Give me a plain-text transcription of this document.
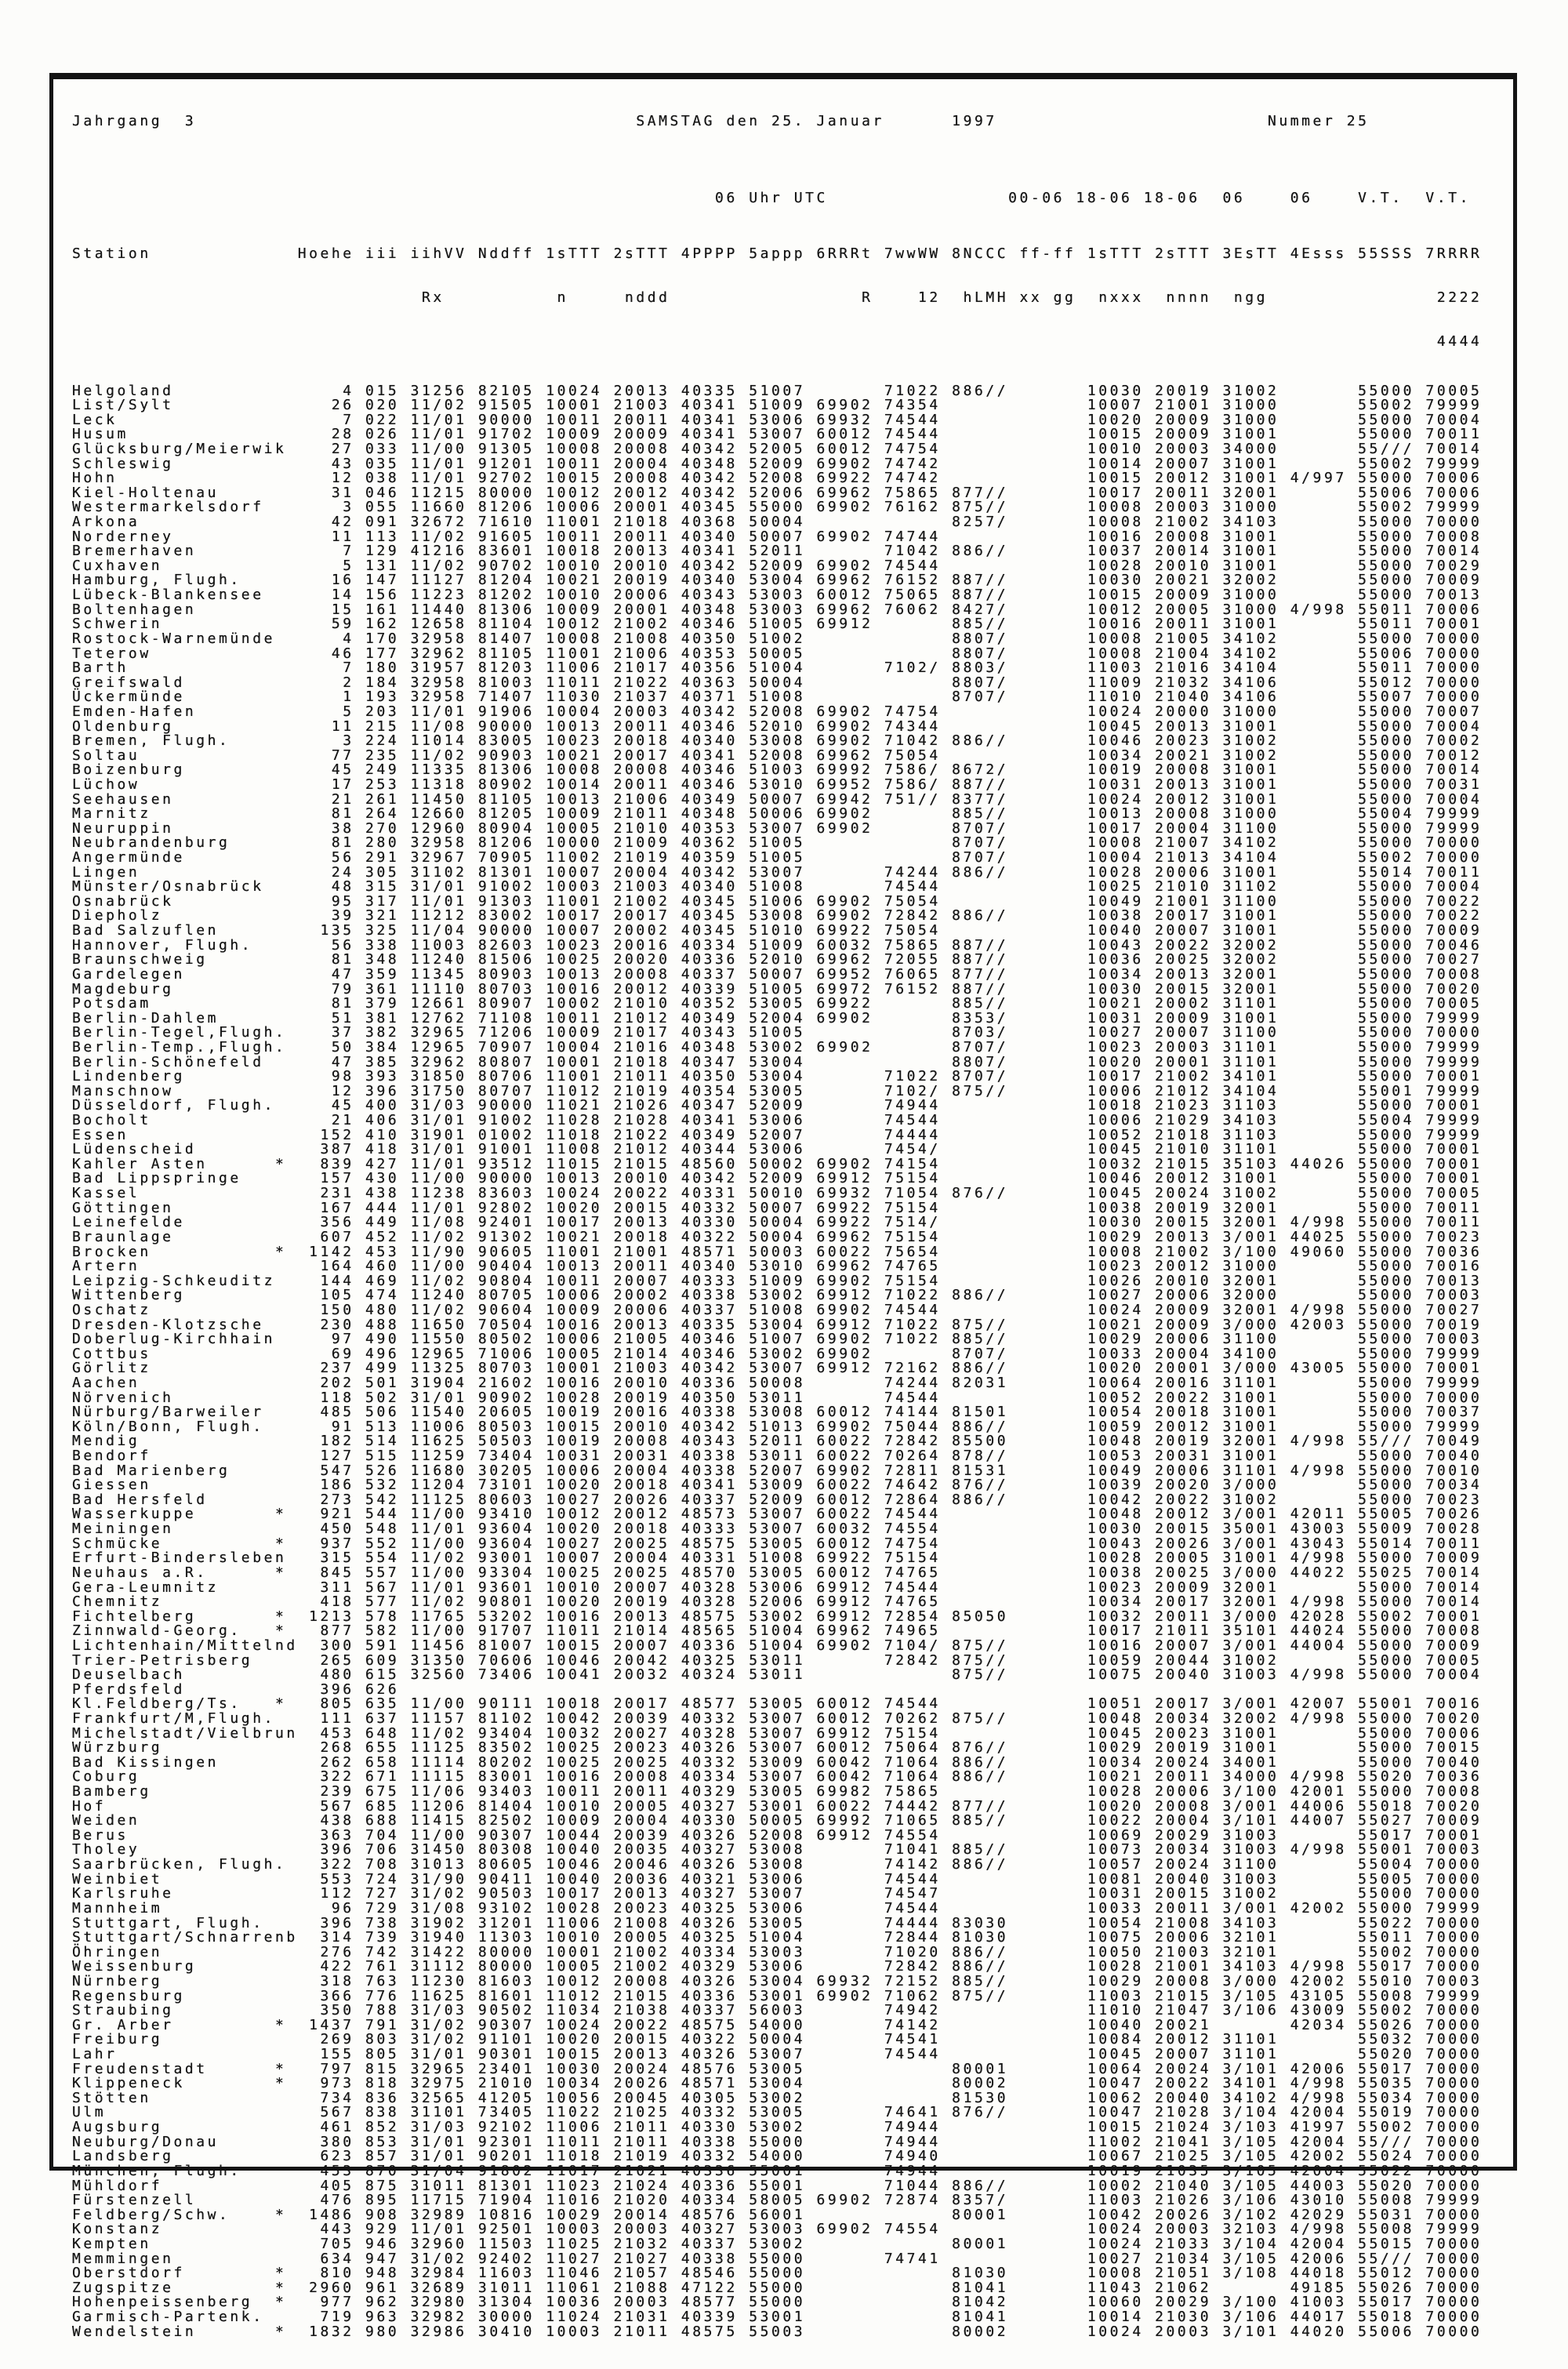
Jahrgang  3                                       SAMSTAG den 25. Januar      1997                        Nummer 25

06 Uhr UTC                00-06 18-06 18-06  06    06    V.T.  V.T.

Station             Hoehe iii iihVV Nddff 1sTTT 2sTTT 4PPPP 5appp 6RRRt 7wwWW 8NCCC ff-ff 1sTTT 2sTTT 3EsTT 4Esss 55SSS 7RRRR

Rx          n     nddd                 R    12  hLMH xx gg  nxxx  nnnn  ngg               2222

4444

Helgoland               4 015 31256 82105 10024 20013 40335 51007       71022 886//       10030 20019 31002       55000 70005
List/Sylt              26 020 11/02 91505 10001 21003 40341 51009 69902 74354             10007 21001 31000       55002 79999
Leck                    7 022 11/01 90000 10011 20011 40341 53006 69932 74544             10020 20009 31000       55000 70004
Husum                  28 026 11/01 91702 10009 20009 40341 53007 60012 74544             10015 20009 31001       55000 70011
Glücksburg/Meierwik    27 033 11/00 91305 10008 20008 40342 52005 60012 74754             10010 20003 34000       55/// 70014
Schleswig              43 035 11/01 91201 10011 20004 40348 52009 69902 74742             10014 20007 31001       55002 79999
Hohn                   12 038 11/01 92702 10015 20008 40342 52008 69922 74742             10015 20012 31001 4/997 55000 70006
Kiel-Holtenau          31 046 11215 80000 10012 20012 40342 52006 69962 75865 877//       10017 20011 32001       55006 70006
Westermarkelsdorf       3 055 11660 81206 10006 20001 40345 55000 69902 76162 875//       10008 20003 31000       55002 79999
Arkona                 42 091 32672 71610 11001 21018 40368 50004             8257/       10008 21002 34103       55000 70000
Norderney              11 113 11/02 91605 10011 20011 40340 50007 69902 74744             10016 20008 31001       55000 70008
Bremerhaven             7 129 41216 83601 10018 20013 40341 52011       71042 886//       10037 20014 31001       55000 70014
Cuxhaven                5 131 11/02 90702 10010 20010 40342 52009 69902 74544             10028 20010 31001       55000 70029
Hamburg, Flugh.        16 147 11127 81204 10021 20019 40340 53004 69962 76152 887//       10030 20021 32002       55000 70009
Lübeck-Blankensee      14 156 11223 81202 10010 20006 40343 53003 60012 75065 887//       10015 20009 31000       55000 70013
Boltenhagen            15 161 11440 81306 10009 20001 40348 53003 69962 76062 8427/       10012 20005 31000 4/998 55011 70006
Schwerin               59 162 12658 81104 10012 21002 40346 51005 69912       885//       10016 20011 31001       55011 70001
Rostock-Warnemünde      4 170 32958 81407 10008 21008 40350 51002             8807/       10008 21005 34102       55000 70000
Teterow                46 177 32962 81105 11001 21006 40353 50005             8807/       10008 21004 34102       55006 70000
Barth                   7 180 31957 81203 11006 21017 40356 51004       7102/ 8803/       11003 21016 34104       55011 70000
Greifswald              2 184 32958 81003 11011 21022 40363 50004             8807/       11009 21032 34106       55012 70000
Ückermünde              1 193 32958 71407 11030 21037 40371 51008             8707/       11010 21040 34106       55007 70000
Emden-Hafen             5 203 11/01 91906 10004 20003 40342 52008 69902 74754             10024 20000 31000       55000 70007
Oldenburg              11 215 11/08 90000 10013 20011 40346 52010 69902 74344             10045 20013 31001       55000 70004
Bremen, Flugh.          3 224 11014 83005 10023 20018 40340 53008 69902 71042 886//       10046 20023 31002       55000 70002
Soltau                 77 235 11/02 90903 10021 20017 40341 52008 69962 75054             10034 20021 31002       55000 70012
Boizenburg             45 249 11335 81306 10008 20008 40346 51003 69992 7586/ 8672/       10019 20008 31001       55000 70014
Lüchow                 17 253 11318 80902 10014 20011 40346 53010 69952 7586/ 887//       10031 20013 31001       55000 70031
Seehausen              21 261 11450 81105 10013 21006 40349 50007 69942 751// 8377/       10024 20012 31001       55000 70004
Marnitz                81 264 12660 81205 10009 21011 40348 50006 69902       885//       10013 20008 31000       55004 79999
Neuruppin              38 270 12960 80904 10005 21010 40353 53007 69902       8707/       10017 20004 31100       55000 79999
Neubrandenburg         81 280 32958 81206 10000 21009 40362 51005             8707/       10008 21007 34102       55000 70000
Angermünde             56 291 32967 70905 11002 21019 40359 51005             8707/       10004 21013 34104       55002 70000
Lingen                 24 305 31102 81301 10007 20004 40342 53007       74244 886//       10028 20006 31001       55014 70011
Münster/Osnabrück      48 315 31/01 91002 10003 21003 40340 51008       74544             10025 21010 31102       55000 70004
Osnabrück              95 317 11/01 91303 11001 21002 40345 51006 69902 75054             10049 21001 31100       55000 70022
Diepholz               39 321 11212 83002 10017 20017 40345 53008 69902 72842 886//       10038 20017 31001       55000 70022
Bad Salzuflen         135 325 11/04 90000 10007 20002 40345 51010 69922 75054             10040 20007 31001       55000 70009
Hannover, Flugh.       56 338 11003 82603 10023 20016 40334 51009 60032 75865 887//       10043 20022 32002       55000 70046
Braunschweig           81 348 11240 81506 10025 20020 40336 52010 69962 72055 887//       10036 20025 32002       55000 70027
Gardelegen             47 359 11345 80903 10013 20008 40337 50007 69952 76065 877//       10034 20013 32001       55000 70008
Magdeburg              79 361 11110 80703 10016 20012 40339 51005 69972 76152 887//       10030 20015 32001       55000 70020
Potsdam                81 379 12661 80907 10002 21010 40352 53005 69922       885//       10021 20002 31101       55000 70005
Berlin-Dahlem          51 381 12762 71108 10011 21012 40349 52004 69902       8353/       10031 20009 31001       55000 79999
Berlin-Tegel,Flugh.    37 382 32965 71206 10009 21017 40343 51005             8703/       10027 20007 31100       55000 70000
Berlin-Temp.,Flugh.    50 384 12965 70907 10004 21016 40348 53002 69902       8707/       10023 20003 31101       55000 79999
Berlin-Schönefeld      47 385 32962 80807 10001 21018 40347 53004             8807/       10020 20001 31101       55000 79999
Lindenberg             98 393 31850 80706 11001 21011 40350 53004       71022 8707/       10017 21002 34101       55000 70001
Manschnow              12 396 31750 80707 11012 21019 40354 53005       7102/ 875//       10006 21012 34104       55001 79999
Düsseldorf, Flugh.     45 400 31/03 90000 11021 21026 40347 52009       74944             10018 21023 31103       55000 70001
Bocholt                21 406 31/01 91002 11028 21028 40341 53006       74544             10006 21029 34103       55004 79999
Essen                 152 410 31901 01002 11018 21022 40349 52007       74444             10052 21018 31103       55000 79999
Lüdenscheid           387 418 31/01 91001 11008 21012 40344 53006       7454/             10045 21010 31101       55000 70001
Kahler Asten      *   839 427 11/01 93512 11015 21015 48560 50002 69902 74154             10032 21015 35103 44026 55000 70001
Bad Lippspringe       157 430 11/00 90000 10013 20010 40342 52009 69912 75154             10046 20012 31001       55000 70001
Kassel                231 438 11238 83603 10024 20022 40331 50010 69932 71054 876//       10045 20024 31002       55000 70005
Göttingen             167 444 11/01 92802 10020 20015 40332 50007 69922 75154             10038 20019 32001       55000 70011
Leinefelde            356 449 11/08 92401 10017 20013 40330 50004 69922 7514/             10030 20015 32001 4/998 55000 70011
Braunlage             607 452 11/02 91302 10021 20018 40322 50004 69962 75154             10029 20013 3/001 44025 55000 70023
Brocken           *  1142 453 11/90 90605 11001 21001 48571 50003 60022 75654             10008 21002 3/100 49060 55000 70036
Artern                164 460 11/00 90404 10013 20011 40340 53010 69962 74765             10023 20012 31000       55000 70016
Leipzig-Schkeuditz    144 469 11/02 90804 10011 20007 40333 51009 69902 75154             10026 20010 32001       55000 70013
Wittenberg            105 474 11240 80705 10006 20002 40338 53002 69912 71022 886//       10027 20006 32000       55000 70003
Oschatz               150 480 11/02 90604 10009 20006 40337 51008 69902 74544             10024 20009 32001 4/998 55000 70027
Dresden-Klotzsche     230 488 11650 70504 10016 20013 40335 53004 69912 71022 875//       10021 20009 3/000 42003 55000 70019
Doberlug-Kirchhain     97 490 11550 80502 10006 21005 40346 51007 69902 71022 885//       10029 20006 31100       55000 70003
Cottbus                69 496 12965 71006 10005 21014 40346 53002 69902       8707/       10033 20004 34100       55000 79999
Görlitz               237 499 11325 80703 10001 21003 40342 53007 69912 72162 886//       10020 20001 3/000 43005 55000 70001
Aachen                202 501 31904 21602 10016 20010 40336 50008       74244 82031       10064 20016 31101       55000 79999
Nörvenich             118 502 31/01 90902 10028 20019 40350 53011       74544             10052 20022 31001       55000 70000
Nürburg/Barweiler     485 506 11540 20605 10019 20016 40338 53008 60012 74144 81501       10054 20018 31001       55000 70037
Köln/Bonn, Flugh.      91 513 11006 80503 10015 20010 40342 51013 69902 75044 886//       10059 20012 31001       55000 79999
Mendig                182 514 11625 50503 10019 20008 40343 52011 60022 72842 85500       10048 20019 32001 4/998 55/// 70049
Bendorf               127 515 11259 73404 10031 20031 40338 53011 60022 70264 878//       10053 20031 31001       55000 70040
Bad Marienberg        547 526 11680 30205 10006 20004 40338 52007 69902 72811 81531       10049 20006 31101 4/998 55000 70010
Giessen               186 532 11204 73101 10020 20018 40341 53009 60022 74642 876//       10039 20020 3/000       55000 70034
Bad Hersfeld          273 542 11125 80603 10027 20026 40337 52009 60012 72864 886//       10042 20022 31002       55000 70023
Wasserkuppe       *   921 544 11/00 93410 10012 20012 48573 53007 60022 74544             10048 20012 3/001 42011 55005 70026
Meiningen             450 548 11/01 93604 10020 20018 40333 53007 60032 74554             10030 20015 35001 43003 55009 70028
Schmücke          *   937 552 11/00 93604 10027 20025 48575 53005 60012 74754             10043 20026 3/001 43043 55014 70011
Erfurt-Bindersleben   315 554 11/02 93001 10007 20004 40331 51008 69922 75154             10028 20005 31001 4/998 55000 70009
Neuhaus a.R.      *   845 557 11/00 93304 10025 20025 48570 53005 60012 74765             10038 20025 3/000 44022 55025 70014
Gera-Leumnitz         311 567 11/01 93601 10010 20007 40328 53006 69912 74544             10023 20009 32001       55000 70014
Chemnitz              418 577 11/02 90801 10020 20019 40328 52006 69912 74765             10034 20017 32001 4/998 55000 70014
Fichtelberg       *  1213 578 11765 53202 10016 20013 48575 53002 69912 72854 85050       10032 20011 3/000 42028 55002 70001
Zinnwald-Georg.   *   877 582 11/00 91707 11011 21014 48565 51004 69962 74965             10017 21011 35101 44024 55000 70008
Lichtenhain/Mittelnd  300 591 11456 81007 10015 20007 40336 51004 69902 7104/ 875//       10016 20007 3/001 44004 55000 70009
Trier-Petrisberg      265 609 31350 70606 10046 20042 40325 53011       72842 875//       10059 20044 31002       55000 70005
Deuselbach            480 615 32560 73406 10041 20032 40324 53011             875//       10075 20040 31003 4/998 55000 70004
Pferdsfeld            396 626
Kl.Feldberg/Ts.   *   805 635 11/00 90111 10018 20017 48577 53005 60012 74544             10051 20017 3/001 42007 55001 70016
Frankfurt/M,Flugh.    111 637 11157 81102 10042 20039 40332 53007 60012 70262 875//       10048 20034 32002 4/998 55000 70020
Michelstadt/Vielbrun  453 648 11/02 93404 10032 20027 40328 53007 69912 75154             10045 20023 31001       55000 70006
Würzburg              268 655 11125 83502 10025 20023 40326 53007 60012 75064 876//       10029 20019 31001       55000 70015
Bad Kissingen         262 658 11114 80202 10025 20025 40332 53009 60042 71064 886//       10034 20024 34001       55000 70040
Coburg                322 671 11115 83001 10016 20008 40334 53007 60042 71064 886//       10021 20011 34000 4/998 55020 70036
Bamberg               239 675 11/06 93403 10011 20011 40329 53005 69982 75865             10028 20006 3/100 42001 55000 70008
Hof                   567 685 11206 81404 10010 20005 40327 53001 60022 74442 877//       10020 20008 3/001 44006 55018 70020
Weiden                438 688 11415 82502 10009 20004 40330 50005 69992 71065 885//       10022 20004 3/101 44007 55027 70009
Berus                 363 704 11/00 90307 10044 20039 40326 52008 69912 74554             10069 20029 31003       55017 70001
Tholey                396 706 31450 80308 10040 20035 40327 53008       71041 885//       10073 20034 31003 4/998 55001 70003
Saarbrücken, Flugh.   322 708 31013 80605 10046 20046 40326 53008       74142 886//       10057 20024 31100       55004 70000
Weinbiet              553 724 31/90 90411 10040 20036 40321 53006       74544             10081 20040 31003       55005 70000
Karlsruhe             112 727 31/02 90503 10017 20013 40327 53007       74547             10031 20015 31002       55000 70000
Mannheim               96 729 31/08 93102 10028 20023 40325 53006       74544             10033 20011 3/001 42002 55000 79999
Stuttgart, Flugh.     396 738 31902 31201 11006 21008 40326 53005       74444 83030       10054 21008 34103       55022 70000
Stuttgart/Schnarrenb  314 739 31940 11303 10010 20005 40325 51004       72844 81030       10075 20006 32101       55011 70000
Öhringen              276 742 31422 80000 10001 21002 40334 53003       71020 886//       10050 21003 32101       55002 70000
Weissenburg           422 761 31112 80000 10005 21002 40329 53006       72842 886//       10028 21001 34103 4/998 55017 70000
Nürnberg              318 763 11230 81603 10012 20008 40326 53004 69932 72152 885//       10029 20008 3/000 42002 55010 70003
Regensburg            366 776 11625 81601 11012 21015 40336 53001 69902 71062 875//       11003 21015 3/105 43105 55008 79999
Straubing             350 788 31/03 90502 11034 21038 40337 56003       74942             11010 21047 3/106 43009 55002 70000
Gr. Arber         *  1437 791 31/02 90307 10024 20022 48575 54000       74142             10040 20021       42034 55026 70000
Freiburg              269 803 31/02 91101 10020 20015 40322 50004       74541             10084 20012 31101       55032 70000
Lahr                  155 805 31/01 90301 10015 20013 40326 53007       74544             10045 20007 31101       55020 70000
Freudenstadt      *   797 815 32965 23401 10030 20024 48576 53005             80001       10064 20024 3/101 42006 55017 70000
Klippeneck        *   973 818 32975 21010 10034 20026 48571 53004             80002       10047 20022 34101 4/998 55035 70000
Stötten               734 836 32565 41205 10056 20045 40305 53002             81530       10062 20040 34102 4/998 55034 70000
Ulm                   567 838 31101 73405 11022 21025 40332 53005       74641 876//       10047 21028 3/104 42004 55019 70000
Augsburg              461 852 31/03 92102 11006 21011 40330 53002       74944             10015 21024 3/103 41997 55002 70000
Neuburg/Donau         380 853 31/01 92301 11011 21011 40338 55000       74944             11002 21041 3/105 42004 55/// 70000
Landsberg             623 857 31/01 90201 11018 21019 40332 54000       74940             10067 21025 3/105 42002 55024 70000
München, Flugh.       453 870 31/04 91802 11017 21021 40336 55001       74944             10019 21035 3/105 42004 55022 70000
Mühldorf              405 875 31011 81301 11023 21024 40336 55001       71044 886//       10002 21040 3/105 44003 55020 70000
Fürstenzell           476 895 11715 71904 11016 21020 40334 58005 69902 72874 8357/       11003 21026 3/106 43010 55008 79999
Feldberg/Schw.    *  1486 908 32989 10816 10029 20014 48576 56001             80001       10042 20026 3/102 42029 55031 70000
Konstanz              443 929 11/01 92501 10003 20003 40327 53003 69902 74554             10024 20003 32103 4/998 55008 79999
Kempten               705 946 32960 11503 11025 21032 40337 53002             80001       10024 21033 3/104 42004 55015 70000
Memmingen             634 947 31/02 92402 11027 21027 40338 55000       74741             10027 21034 3/105 42006 55/// 70000
Oberstdorf        *   810 948 32984 11603 11046 21057 48546 55000             81030       10008 21051 3/108 44018 55012 70000
Zugspitze         *  2960 961 32689 31011 11061 21088 47122 55000             81041       11043 21062       49185 55026 70000
Hohenpeissenberg  *   977 962 32980 31304 10036 20003 48577 55000             81042       10060 20029 3/100 41003 55017 70000
Garmisch-Partenk.     719 963 32982 30000 11024 21031 40339 53001             81041       10014 21030 3/106 44017 55018 70000
Wendelstein       *  1832 980 32986 30410 10003 21011 48575 55003             80002       10024 20003 3/101 44020 55006 70000
